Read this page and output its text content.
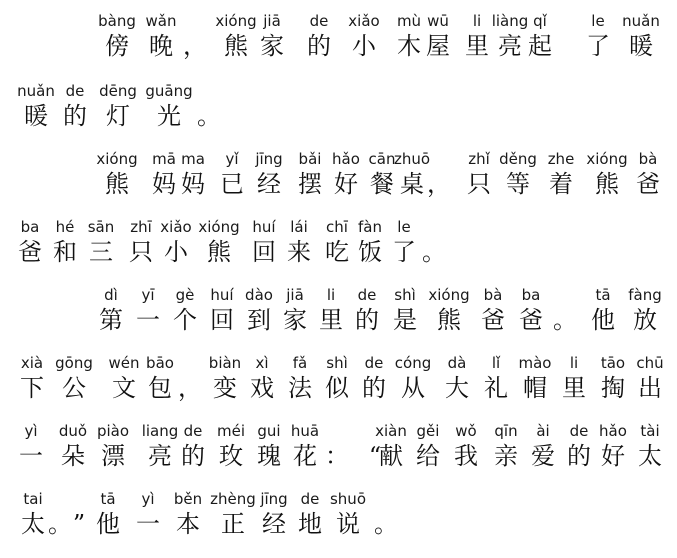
bàng
傍
wǎn
晚 ，
xióng
熊
jiā
家
de
的
xiǎo
小
mù
木
wū
屋
li
里
liàng
亮
qǐ
起
le
了
nuǎn
暖
nuǎn
暖
de
的
dēng
灯
guāng
光 。
xióng
熊
mā
妈
ma
妈
yǐ
已
jīng
经
bǎi
摆
hǎo
好
cān
餐
zhuō
桌 ，
zhǐ
只
děng
等
zhe
着
xióng
熊
bà
爸
ba
爸
hé
和
sān
三
zhī
只
xiǎo
小
xióng
熊
huí
回
lái
来
chī
吃
fàn
饭
le
了 。
dì
第
yī
一
gè
个
huí
回
dào
到
jiā
家
li
里
de
的
shì
是
xióng
熊
bà
爸
ba
爸 。
tā
他
fàng
放
xià
下
gōng
公
wén
文
bāo
包 ，
biàn
变
xì
戏
fǎ
法
shì
似
de
的
cóng
从
dà
大
lǐ
礼
mào
帽
li
里
tāo
掏
chū
出
yì
一
duǒ
朵
piào
漂
liang
亮
de
的
méi
玫
gui
瑰
huā
花 ： “
xiàn
献
gěi
给
wǒ
我
qīn
亲
ài
爱
de
的
hǎo
好
tài
太
tai
太 。 ”
tā
他
yì
一
běn
本
zhèng
正
jīng
经
de
地
shuō
说 。
